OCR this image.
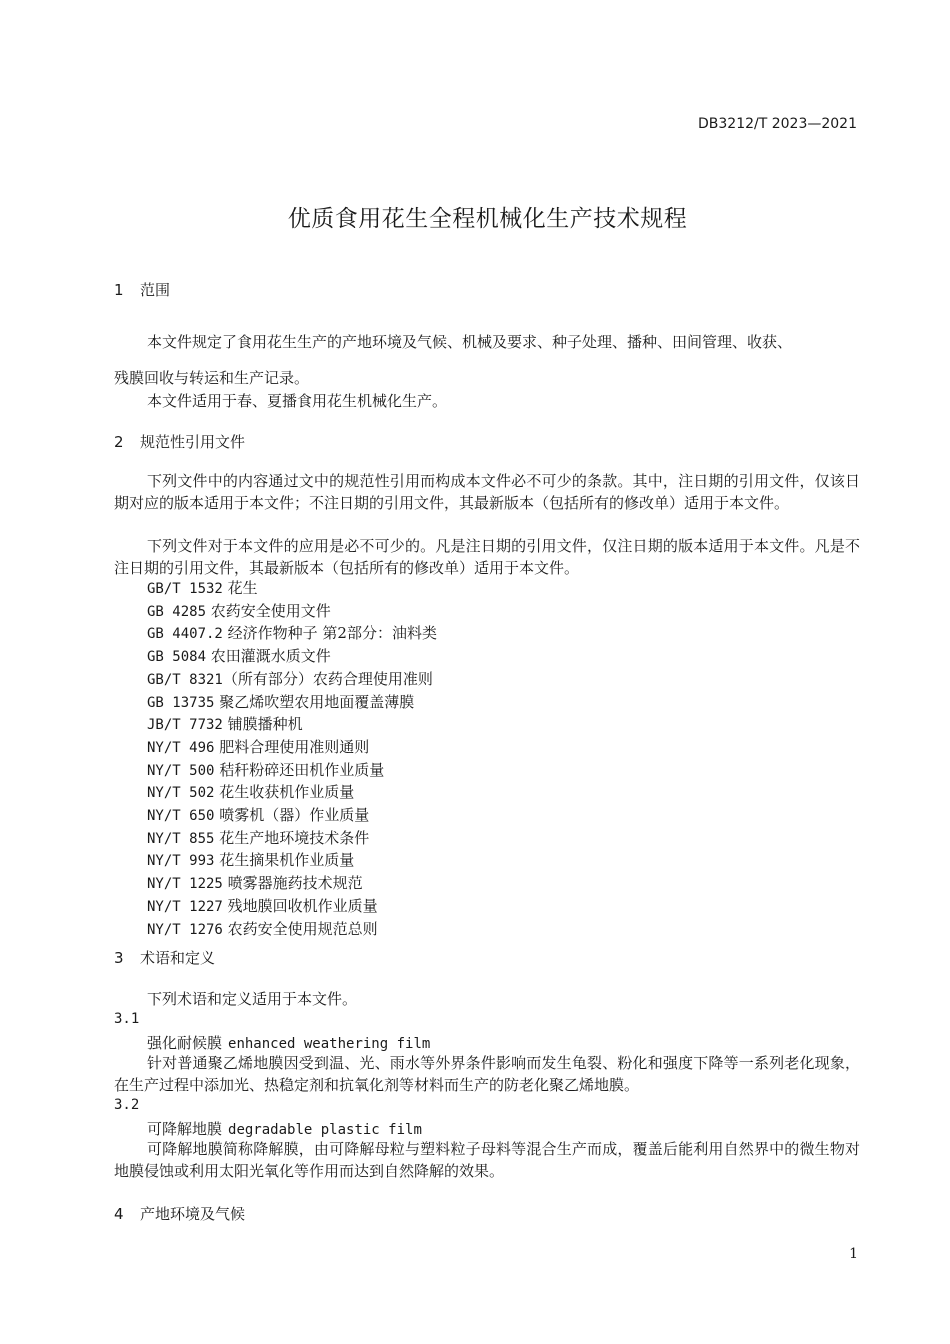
DB3212/T 2023—2021
优质食用花生全程机械化生产技术规程
1 范围
本文件规定了食用花生生产的产地环境及气候、机械及要求、种子处理、播种、田间管理、收获、
残膜回收与转运和生产记录。
本文件适用于春、夏播食用花生机械化生产。
2 规范性引用文件
下列文件中的内容通过文中的规范性引用而构成本文件必不可少的条款。其中，注日期的引用文件，仅该日期对应的版本适用于本文件；不注日期的引用文件，其最新版本（包括所有的修改单）适用于本文件。
下列文件对于本文件的应用是必不可少的。凡是注日期的引用文件，仅注日期的版本适用于本文件。凡是不注日期的引用文件，其最新版本（包括所有的修改单）适用于本文件。
GB/T 1532 花生
GB 4285 农药安全使用文件
GB 4407.2 经济作物种子 第2部分：油料类
GB 5084 农田灌溉水质文件
GB/T 8321（所有部分）农药合理使用准则
GB 13735 聚乙烯吹塑农用地面覆盖薄膜
JB/T 7732 铺膜播种机
NY/T 496 肥料合理使用准则通则
NY/T 500 秸秆粉碎还田机作业质量
NY/T 502 花生收获机作业质量
NY/T 650 喷雾机（器）作业质量
NY/T 855 花生产地环境技术条件
NY/T 993 花生摘果机作业质量
NY/T 1225 喷雾器施药技术规范
NY/T 1227 残地膜回收机作业质量
NY/T 1276 农药安全使用规范总则
3 术语和定义
下列术语和定义适用于本文件。
3.1
强化耐候膜 enhanced weathering film
针对普通聚乙烯地膜因受到温、光、雨水等外界条件影响而发生龟裂、粉化和强度下降等一系列老化现象，在生产过程中添加光、热稳定剂和抗氧化剂等材料而生产的防老化聚乙烯地膜。
3.2
可降解地膜 degradable plastic film
可降解地膜简称降解膜，由可降解母粒与塑料粒子母料等混合生产而成，覆盖后能利用自然界中的微生物对地膜侵蚀或利用太阳光氧化等作用而达到自然降解的效果。
4 产地环境及气候
1
